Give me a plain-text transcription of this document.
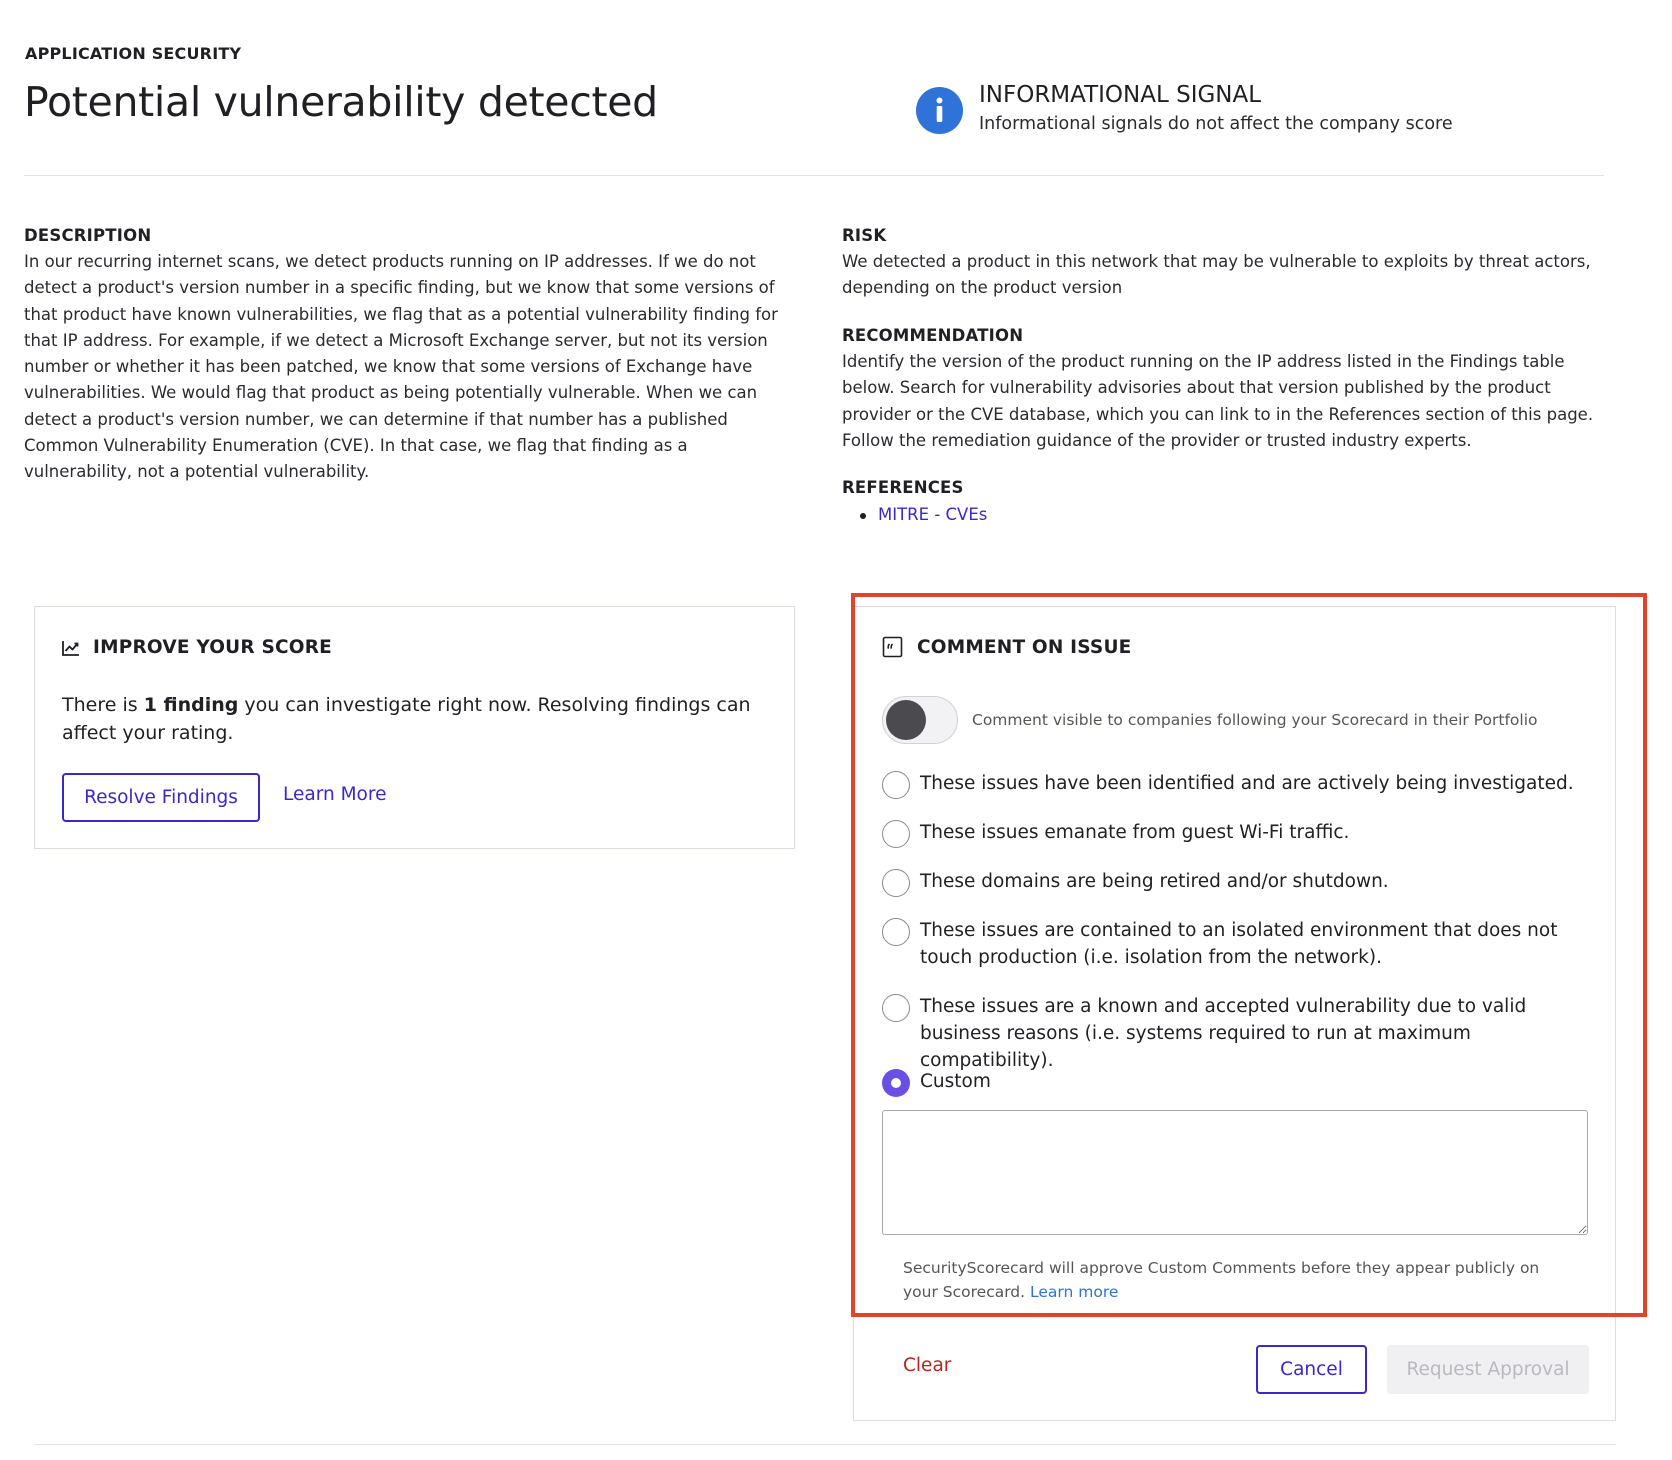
APPLICATION SECURITY
Potential vulnerability detected	INFORMATIONAL SIGNAL
Informational signals do not affect the company score
DESCRIPTION
In our recurring internet scans, we detect products running on IP addresses. If we do not detect a product's version number in a specific finding, but we know that some versions of that product have known vulnerabilities, we flag that as a potential vulnerability finding for that IP address. For example, if we detect a Microsoft Exchange server, but not its version number or whether it has been patched, we know that some versions of Exchange have vulnerabilities. We would flag that product as being potentially vulnerable. When we can detect a product's version number, we can determine if that number has a published Common Vulnerability Enumeration (CVE). In that case, we flag that finding as a vulnerability, not a potential vulnerability.
RISK
We detected a product in this network that may be vulnerable to exploits by threat actors, depending on the product version
RECOMMENDATION
Identify the version of the product running on the IP address listed in the Findings table below. Search for vulnerability advisories about that version published by the product provider or the CVE database, which you can link to in the References section of this page. Follow the remediation guidance of the provider or trusted industry experts.
REFERENCES
MITRE - CVEs
IMPROVE YOUR SCORE
There is 1 finding you can investigate right now. Resolving findings can affect your rating.
Resolve Findings	Learn More
COMMENT ON ISSUE
Comment visible to companies following your Scorecard in their Portfolio
These issues have been identified and are actively being investigated.
These issues emanate from guest Wi-Fi traffic.
These domains are being retired and/or shutdown.
These issues are contained to an isolated environment that does not touch production (i.e. isolation from the network).
These issues are a known and accepted vulnerability due to valid business reasons (i.e. systems required to run at maximum compatibility).
Custom
SecurityScorecard will approve Custom Comments before they appear publicly on your Scorecard. Learn more
Clear	Cancel	Request Approval
